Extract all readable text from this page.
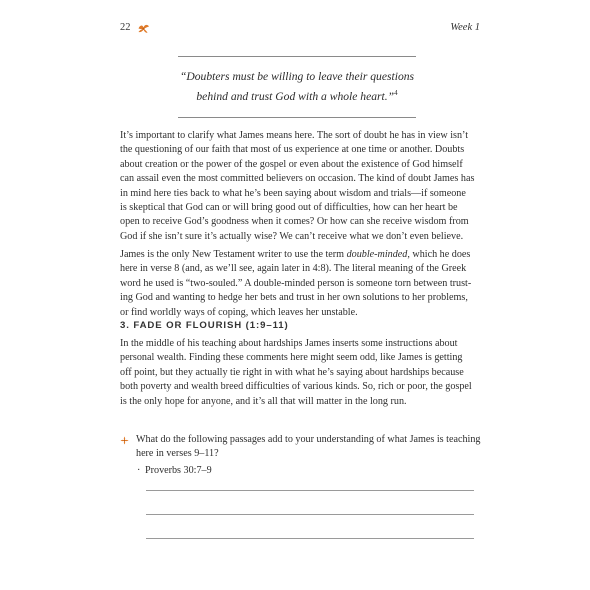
22	Week 1

“Doubters must be willing to leave their questions
behind and trust God with a whole heart.”$^4$

It’s important to clarify what James means here. The sort of doubt he has in view isn’t
the questioning of our faith that most of us experience at one time or another. Doubts
about creation or the power of the gospel or even about the existence of God himself
can assail even the most committed believers on occasion. The kind of doubt James has
in mind here ties back to what he’s been saying about wisdom and trials—if someone
is skeptical that God can or will bring good out of difficulties, how can her heart be
open to receive God’s goodness when it comes? Or how can she receive wisdom from
God if she isn’t sure it’s actually wise? We can’t receive what we don’t even believe.

James is the only New Testament writer to use the term double-minded, which he does
here in verse 8 (and, as we’ll see, again later in 4:8). The literal meaning of the Greek
word he used is “two-souled.” A double-minded person is someone torn between trust-
ing God and wanting to hedge her bets and trust in her own solutions to her problems,
or find worldly ways of coping, which leaves her unstable.

3. FADE OR FLOURISH (1:9–11)

In the middle of his teaching about hardships James inserts some instructions about
personal wealth. Finding these comments here might seem odd, like James is getting
off point, but they actually tie right in with what he’s saying about hardships because
both poverty and wealth breed difficulties of various kinds. So, rich or poor, the gospel
is the only hope for anyone, and it’s all that will matter in the long run.

What do the following passages add to your understanding of what James is teaching
here in verses 9–11?
· Proverbs 30:7–9
